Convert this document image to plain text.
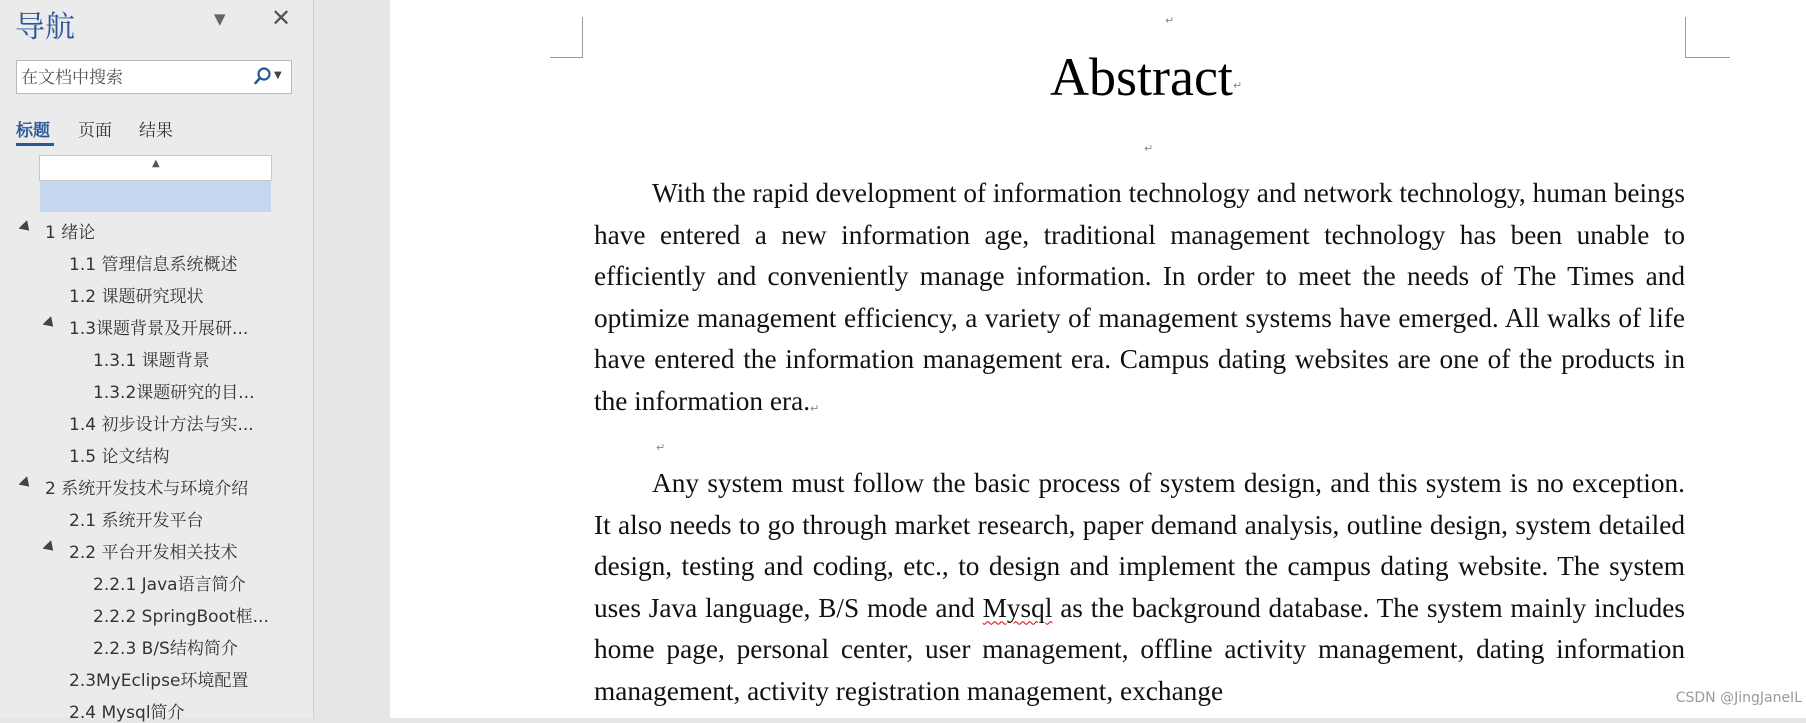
导航	▼ ✕
在文档中搜索
▼
标题 页面 结果
▲
1 绪论
1.1 管理信息系统概述
1.2 课题研究现状
1.3课题背景及开展研...
1.3.1 课题背景
1.3.2课题研究的目...
1.4 初步设计方法与实...
1.5 论文结构
2 系统开发技术与环境介绍
2.1 系统开发平台
2.2 平台开发相关技术
2.2.1 Java语言简介
2.2.2 SpringBoot框...
2.2.3 B/S结构简介
2.3MyEclipse环境配置
2.4 Mysql简介
↵
Abstract↵
↵

With the rapid development of information technology and network technology, human beings have entered a new information age, traditional management technology has been unable to efficiently and conveniently manage information. In order to meet the needs of The Times and optimize management efficiency, a variety of management systems have emerged. All walks of life have entered the information management era. Campus dating websites are one of the products in the information era.↵

↵

Any system must follow the basic process of system design, and this system is no exception. It also needs to go through market research, paper demand analysis, outline design, system detailed design, testing and coding, etc., to design and implement the campus dating website. The system uses Java language, B/S mode and Mysql as the background database. The system mainly includes home page, personal center, user management, offline activity management, dating information management, activity registration management, exchange	CSDN @JingJaneIL
